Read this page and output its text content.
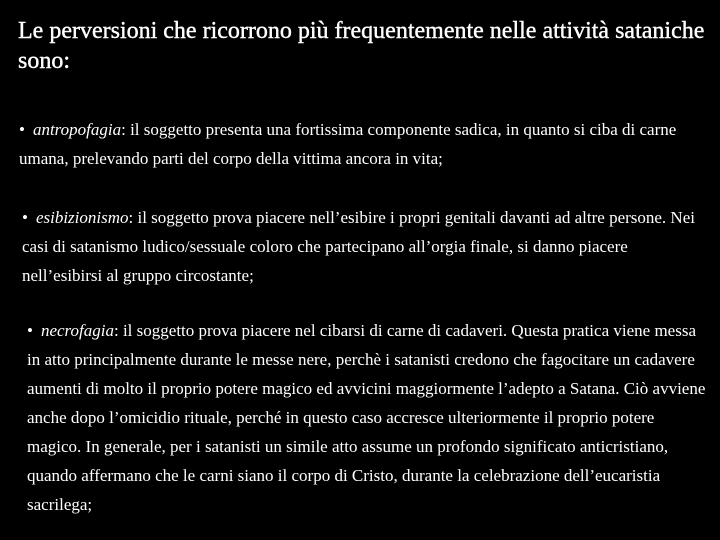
Le perversioni che ricorrono più frequentemente nelle attività sataniche sono:

• antropofagia: il soggetto presenta una fortissima componente sadica, in quanto si ciba di carne umana, prelevando parti del corpo della vittima ancora in vita;

• esibizionismo: il soggetto prova piacere nell’esibire i propri genitali davanti ad altre persone. Nei casi di satanismo ludico/sessuale coloro che partecipano all’orgia finale, si danno piacere nell’esibirsi al gruppo circostante;

• necrofagia: il soggetto prova piacere nel cibarsi di carne di cadaveri. Questa pratica viene messa in atto principalmente durante le messe nere, perchè i satanisti credono che fagocitare un cadavere aumenti di molto il proprio potere magico ed avvicini maggiormente l’adepto a Satana. Ciò avviene anche dopo l’omicidio rituale, perché in questo caso accresce ulteriormente il proprio potere magico. In generale, per i satanisti un simile atto assume un profondo significato anticristiano, quando affermano che le carni siano il corpo di Cristo, durante la celebrazione dell’eucaristia sacrilega;
